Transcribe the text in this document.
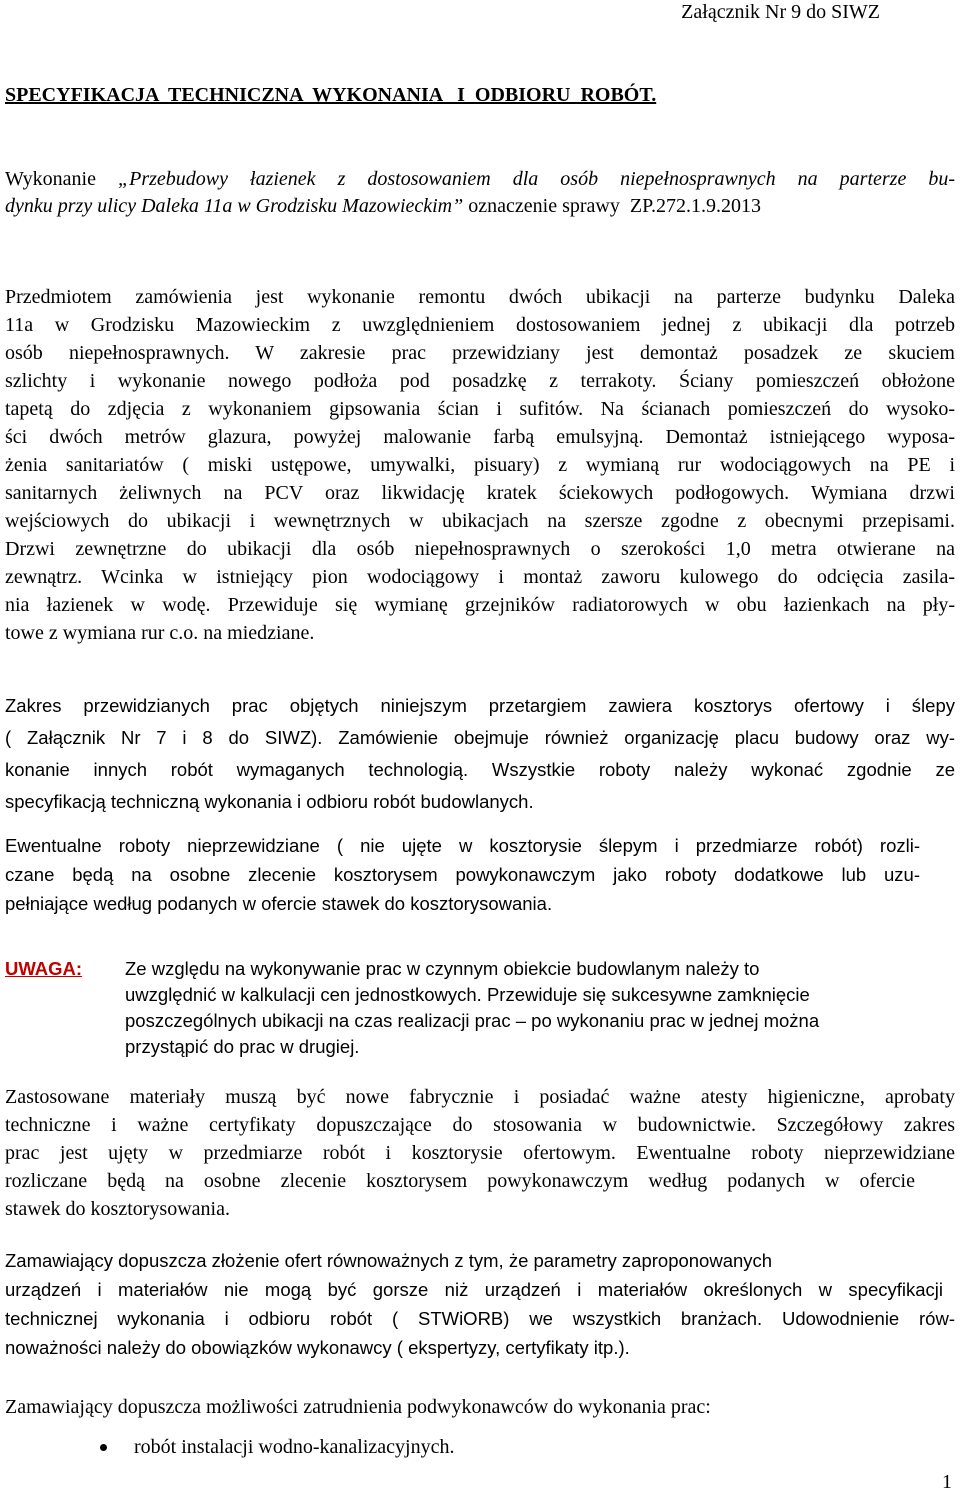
Załącznik Nr 9 do SIWZ

SPECYFIKACJA  TECHNICZNA  WYKONANIA   I  ODBIORU  ROBÓT.

Wykonanie „Przebudowy łazienek z dostosowaniem dla osób niepełnosprawnych na parterze bu-
dynku przy ulicy Daleka 11a w Grodzisku Mazowieckim” oznaczenie sprawy  ZP.272.1.9.2013
Przedmiotem zamówienia jest wykonanie remontu dwóch ubikacji na parterze budynku Daleka
11a w Grodzisku Mazowieckim z uwzględnieniem dostosowaniem jednej z ubikacji dla potrzeb
osób niepełnosprawnych. W zakresie prac przewidziany jest demontaż posadzek ze skuciem
szlichty i wykonanie nowego podłoża pod posadzkę z terrakoty. Ściany pomieszczeń obłożone
tapetą do zdjęcia z wykonaniem gipsowania ścian i sufitów. Na ścianach pomieszczeń do wysoko-
ści dwóch metrów glazura, powyżej malowanie farbą emulsyjną. Demontaż istniejącego wyposa-
żenia sanitariatów ( miski ustępowe, umywalki, pisuary) z wymianą rur wodociągowych na PE i
sanitarnych żeliwnych na PCV oraz likwidację kratek ściekowych podłogowych. Wymiana drzwi
wejściowych do ubikacji i wewnętrznych w ubikacjach na szersze zgodne z obecnymi przepisami.
Drzwi zewnętrzne do ubikacji dla osób niepełnosprawnych o szerokości 1,0 metra otwierane na
zewnątrz. Wcinka w istniejący pion wodociągowy i montaż zaworu kulowego do odcięcia zasila-
nia łazienek w wodę. Przewiduje się wymianę grzejników radiatorowych w obu łazienkach na pły-
towe z wymiana rur c.o. na miedziane.
Zakres przewidzianych prac objętych niniejszym przetargiem zawiera kosztorys ofertowy i ślepy
( Załącznik Nr 7 i 8 do SIWZ). Zamówienie obejmuje również organizację placu budowy oraz wy-
konanie innych robót wymaganych technologią. Wszystkie roboty należy wykonać zgodnie ze
specyfikacją techniczną wykonania i odbioru robót budowlanych.
Ewentualne roboty nieprzewidziane ( nie ujęte w kosztorysie ślepym i przedmiarze robót) rozli-
czane będą na osobne zlecenie kosztorysem powykonawczym jako roboty dodatkowe lub uzu-
pełniające według podanych w ofercie stawek do kosztorysowania.
UWAGA: Ze względu na wykonywanie prac w czynnym obiekcie budowlanym należy to
uwzględnić w kalkulacji cen jednostkowych. Przewiduje się sukcesywne zamknięcie
poszczególnych ubikacji na czas realizacji prac – po wykonaniu prac w jednej można
przystąpić do prac w drugiej.
Zastosowane materiały muszą być nowe fabrycznie i posiadać ważne atesty higieniczne, aprobaty
techniczne i ważne certyfikaty dopuszczające do stosowania w budownictwie. Szczegółowy zakres
prac jest ujęty w przedmiarze robót i kosztorysie ofertowym. Ewentualne roboty nieprzewidziane
rozliczane będą na osobne zlecenie kosztorysem powykonawczym według podanych w ofercie
stawek do kosztorysowania.
Zamawiający dopuszcza złożenie ofert równoważnych z tym, że parametry zaproponowanych
urządzeń i materiałów nie mogą być gorsze niż urządzeń i materiałów określonych w specyfikacji
technicznej wykonania i odbioru robót ( STWiORB) we wszystkich branżach. Udowodnienie rów-
noważności należy do obowiązków wykonawcy ( ekspertyzy, certyfikaty itp.).

Zamawiający dopuszcza możliwości zatrudnienia podwykonawców do wykonania prac:

robót instalacji wodno-kanalizacyjnych.

1
